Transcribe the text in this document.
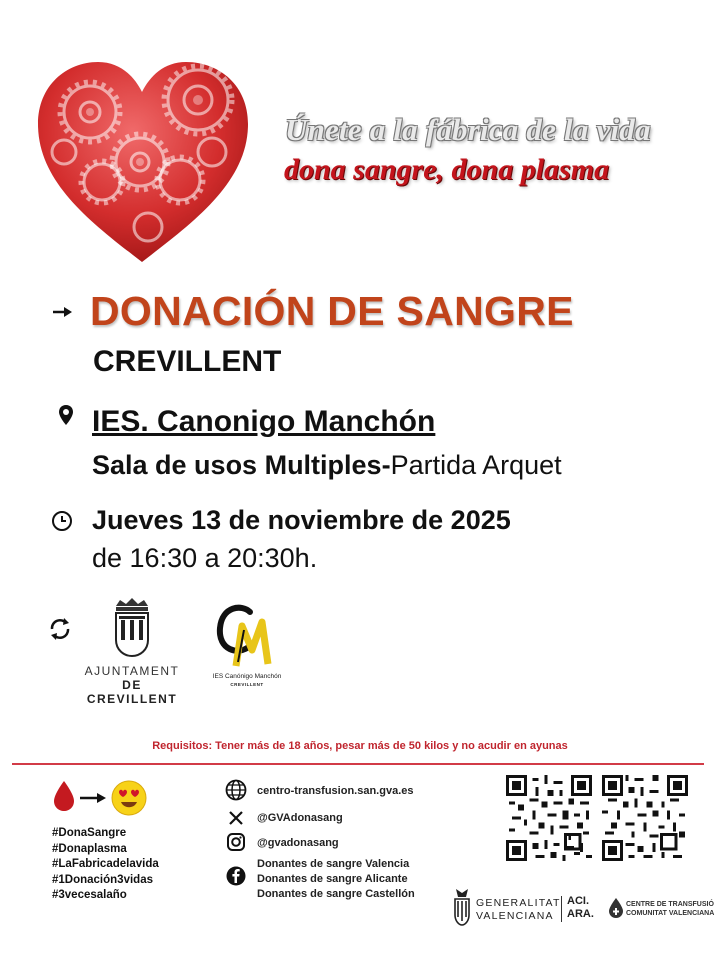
Únete a la fábrica de la vida
dona sangre, dona plasma
DONACIÓN DE SANGRE
CREVILLENT
IES. Canonigo Manchón
Sala de usos Multiples-Partida Arquet
Jueves 13 de noviembre de 2025
de 16:30 a 20:30h.
AJUNTAMENT
DE CREVILLENT
IES Canónigo Manchón
CREVILLENT
Requisitos: Tener más de 18 años, pesar más de 50 kilos y no acudir en ayunas
#DonaSangre
#Donaplasma
#LaFabricadelavida
#1Donación3vidas
#3vecesalaño
centro-transfusion.san.gva.es
@GVAdonasang
@gvadonasang
Donantes de sangre Valencia
Donantes de sangre Alicante
Donantes de sangre Castellón
GENERALITAT
VALENCIANA
ACI.
ARA.
CENTRE DE TRANSFUSIÓ
COMUNITAT VALENCIANA
